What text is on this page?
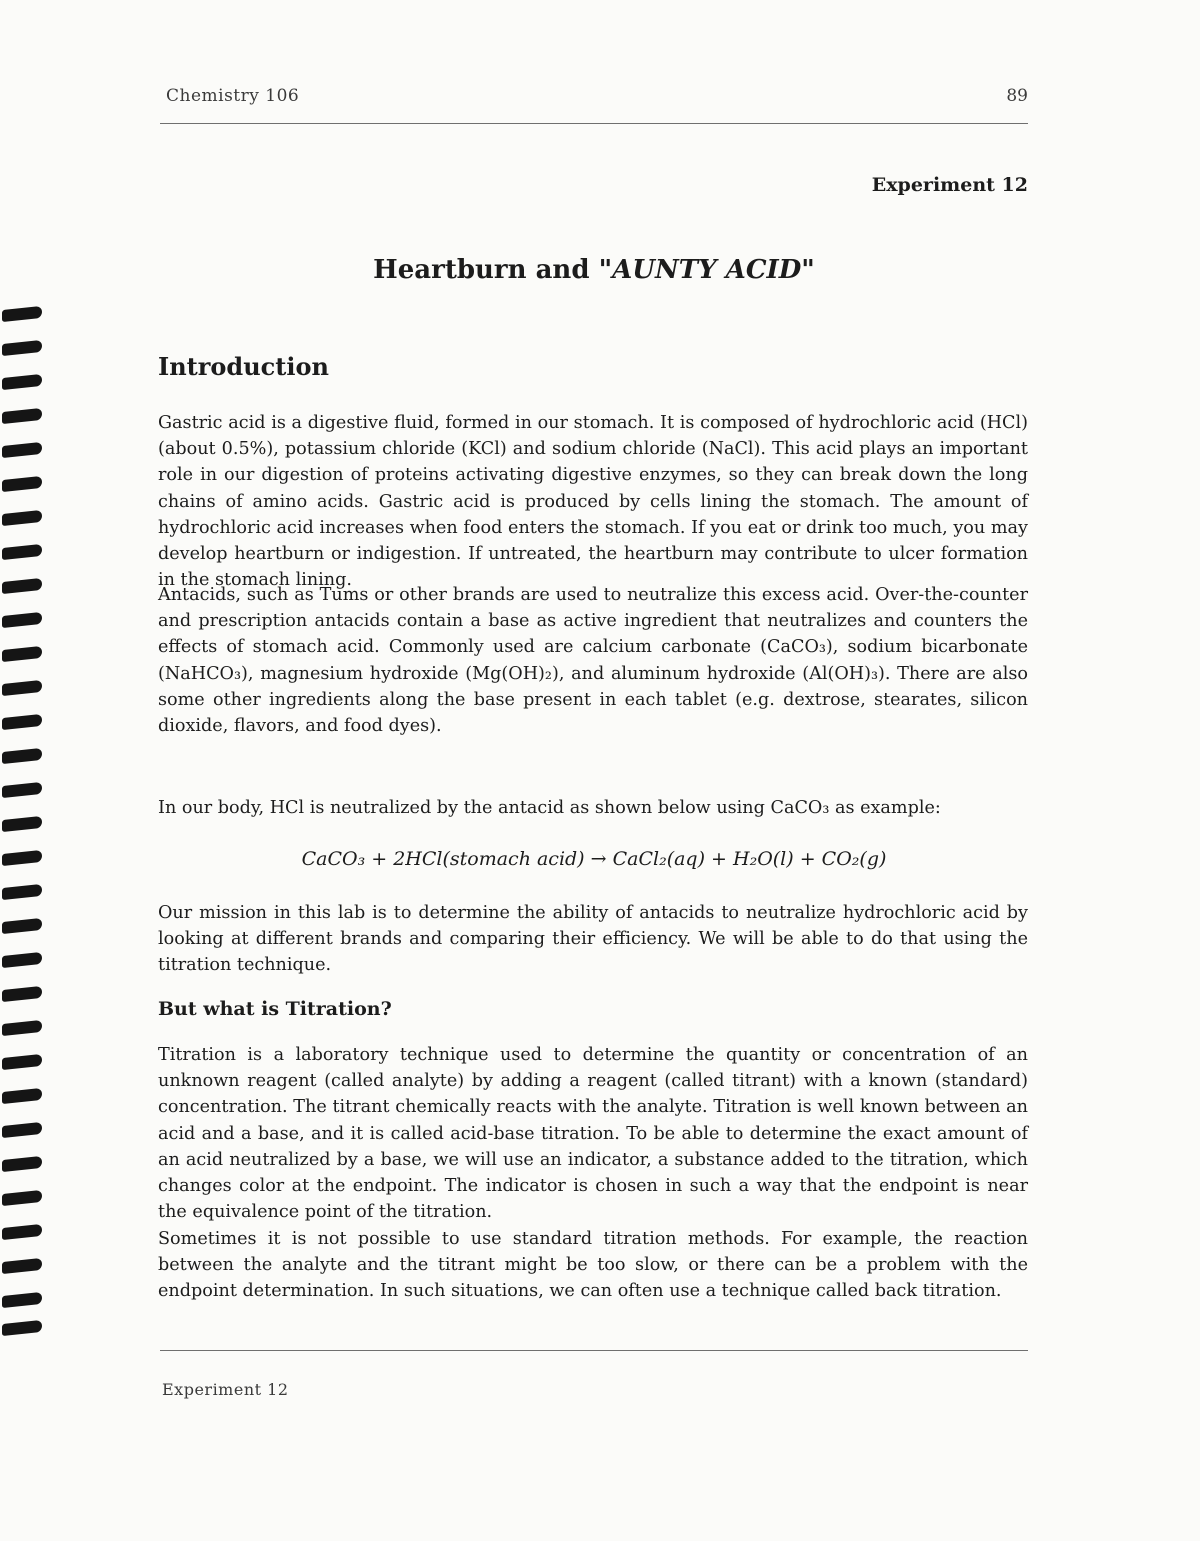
Chemistry 106	89
Experiment 12
Heartburn and "AUNTY ACID"
Introduction

Gastric acid is a digestive fluid, formed in our stomach. It is composed of hydrochloric acid (HCl) (about 0.5%), potassium chloride (KCl) and sodium chloride (NaCl). This acid plays an important role in our digestion of proteins activating digestive enzymes, so they can break down the long chains of amino acids. Gastric acid is produced by cells lining the stomach. The amount of hydrochloric acid increases when food enters the stomach. If you eat or drink too much, you may develop heartburn or indigestion. If untreated, the heartburn may contribute to ulcer formation in the stomach lining.

Antacids, such as Tums or other brands are used to neutralize this excess acid. Over-the-counter and prescription antacids contain a base as active ingredient that neutralizes and counters the effects of stomach acid. Commonly used are calcium carbonate (CaCO₃), sodium bicarbonate (NaHCO₃), magnesium hydroxide (Mg(OH)₂), and aluminum hydroxide (Al(OH)₃). There are also some other ingredients along the base present in each tablet (e.g. dextrose, stearates, silicon dioxide, flavors, and food dyes).

In our body, HCl is neutralized by the antacid as shown below using CaCO₃ as example:

CaCO₃ + 2HCl(stomach acid) → CaCl₂(aq) + H₂O(l) + CO₂(g)

Our mission in this lab is to determine the ability of antacids to neutralize hydrochloric acid by looking at different brands and comparing their efficiency. We will be able to do that using the titration technique.

But what is Titration?

Titration is a laboratory technique used to determine the quantity or concentration of an unknown reagent (called analyte) by adding a reagent (called titrant) with a known (standard) concentration. The titrant chemically reacts with the analyte. Titration is well known between an acid and a base, and it is called acid-base titration. To be able to determine the exact amount of an acid neutralized by a base, we will use an indicator, a substance added to the titration, which changes color at the endpoint. The indicator is chosen in such a way that the endpoint is near the equivalence point of the titration.

Sometimes it is not possible to use standard titration methods. For example, the reaction between the analyte and the titrant might be too slow, or there can be a problem with the endpoint determination. In such situations, we can often use a technique called back titration.

Experiment 12
